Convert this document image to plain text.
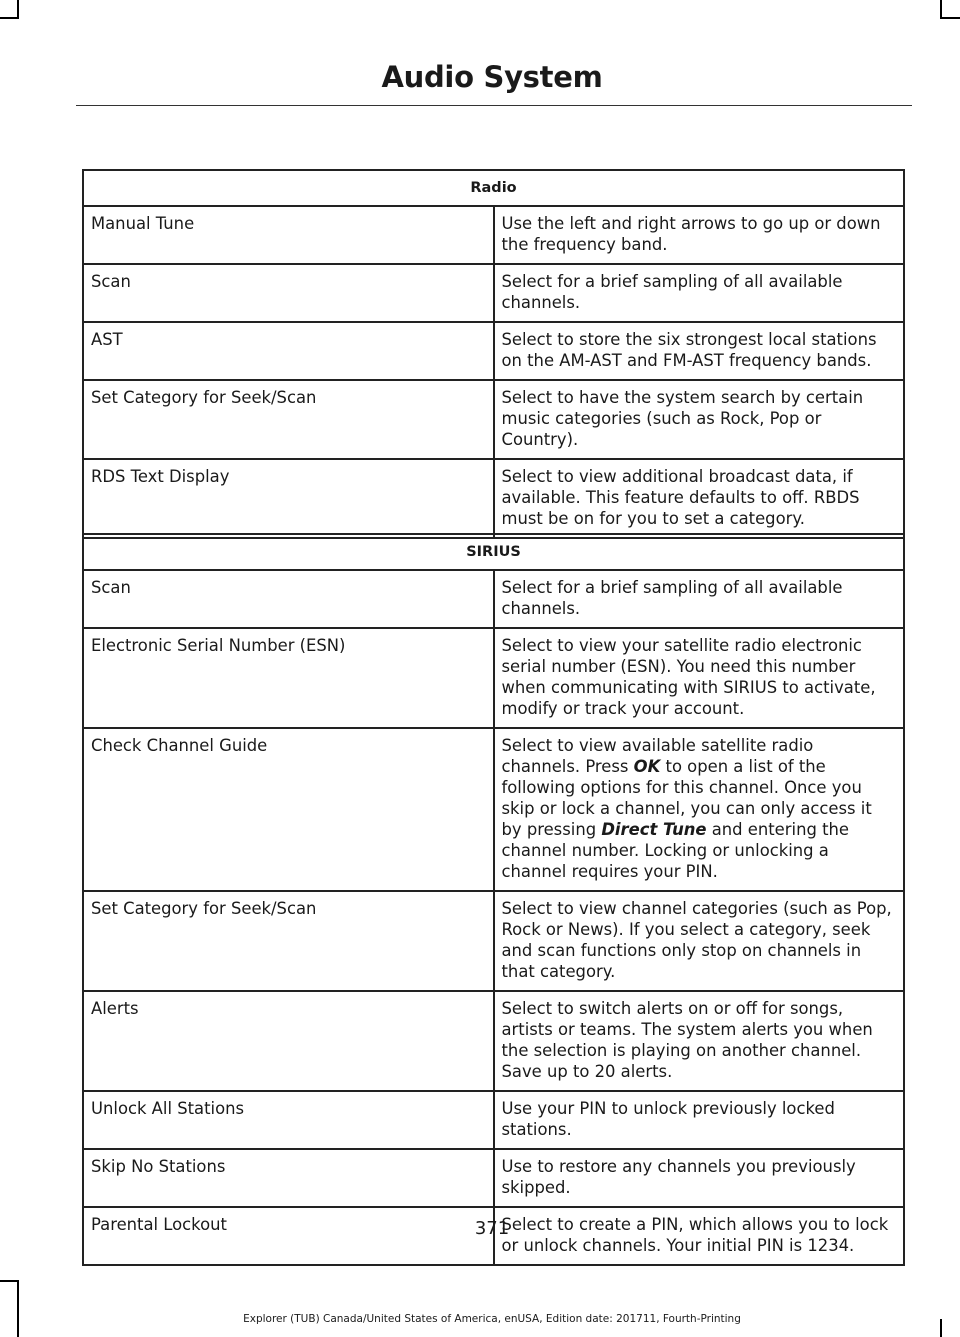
Audio System
Radio	
Manual Tune	Use the left and right arrows to go up or down the frequency band.
Scan	Select for a brief sampling of all available channels.
AST	Select to store the six strongest local stations on the AM-AST and FM-AST frequency bands.
Set Category for Seek/Scan	Select to have the system search by certain music categories (such as Rock, Pop or Country).
RDS Text Display	Select to view additional broadcast data, if available. This feature defaults to off. RBDS must be on for you to set a category.
SIRIUS	
Scan	Select for a brief sampling of all available channels.
Electronic Serial Number (ESN)	Select to view your satellite radio electronic serial number (ESN). You need this number when communicating with SIRIUS to activate, modify or track your account.
Check Channel Guide	Select to view available satellite radio channels. Press OK to open a list of the following options for this channel. Once you skip or lock a channel, you can only access it by pressing Direct Tune and entering the channel number. Locking or unlocking a channel requires your PIN.
Set Category for Seek/Scan	Select to view channel categories (such as Pop, Rock or News). If you select a category, seek and scan functions only stop on channels in that category.
Alerts	Select to switch alerts on or off for songs, artists or teams. The system alerts you when the selection is playing on another channel. Save up to 20 alerts.
Unlock All Stations	Use your PIN to unlock previously locked stations.
Skip No Stations	Use to restore any channels you previously skipped.
Parental Lockout	Select to create a PIN, which allows you to lock or unlock channels. Your initial PIN is 1234.
371
Explorer (TUB) Canada/United States of America, enUSA, Edition date: 201711, Fourth-Printing
